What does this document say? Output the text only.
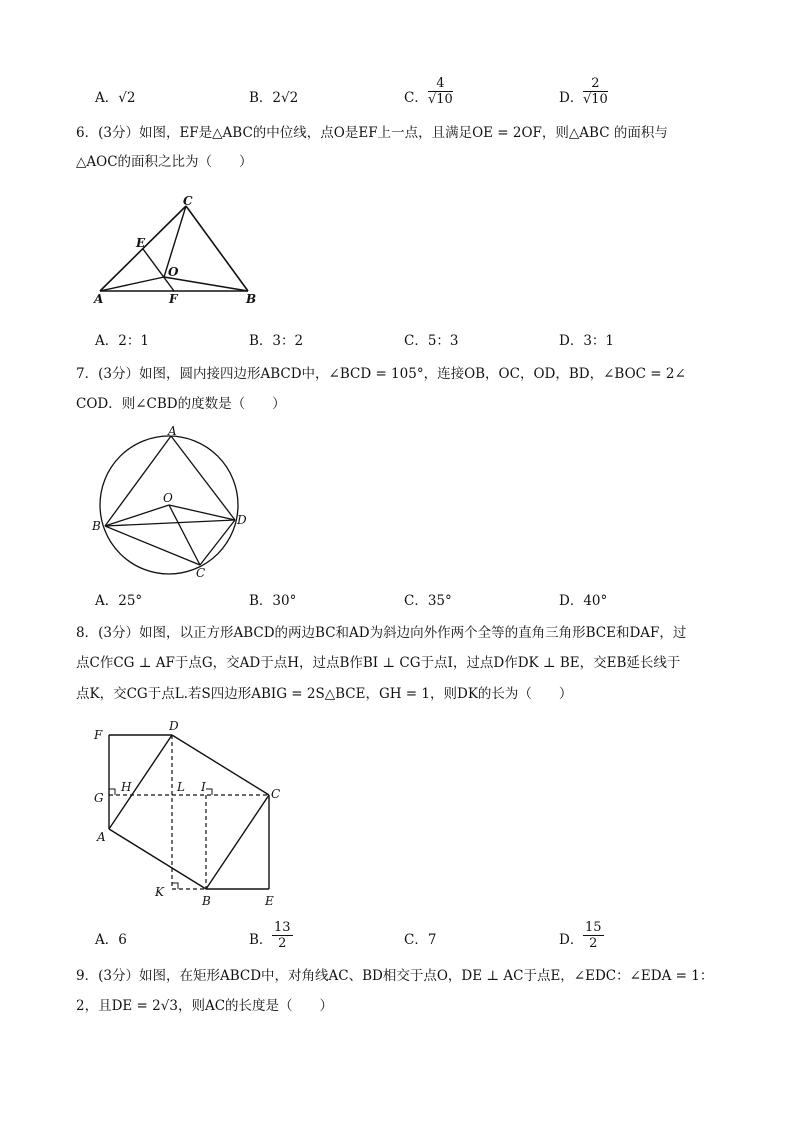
A．√2	B．2√2	C． $\frac{4}{√10}$	D． $\frac{2}{√10}$
6．(3分）如图，EF是△ABC的中位线，点O是EF上一点，且满足OE = 2OF，则△ABC 的面积与
△AOC的面积之比为（　　）
C
E
O
A	F	B
A．2：1	B．3：2	C．5：3	D．3：1
7．(3分）如图，圆内接四边形ABCD中，∠BCD = 105°，连接OB，OC，OD，BD，∠BOC = 2∠
COD．则∠CBD的度数是（　　）
A
O
B	D
C
A．25°	B．30°	C．35°	D．40°
8．(3分）如图，以正方形ABCD的两边BC和AD为斜边向外作两个全等的直角三角形BCE和DAF，过
点C作CG ⊥ AF于点G，交AD于点H，过点B作BI ⊥ CG于点I，过点D作DK ⊥ BE，交EB延长线于
点K，交CG于点L.若S四边形ABIG = 2S△BCE，GH = 1，则DK的长为（　　）
D
F
G
H	L I	C
A
K
B	E
A．6	B． $\frac{13}{2}$	C．7	D． $\frac{15}{2}$
9．(3分）如图，在矩形ABCD中，对角线AC、BD相交于点O，DE ⊥ AC于点E，∠EDC：∠EDA = 1：
2，且DE = 2√3，则AC的长度是（　　）
